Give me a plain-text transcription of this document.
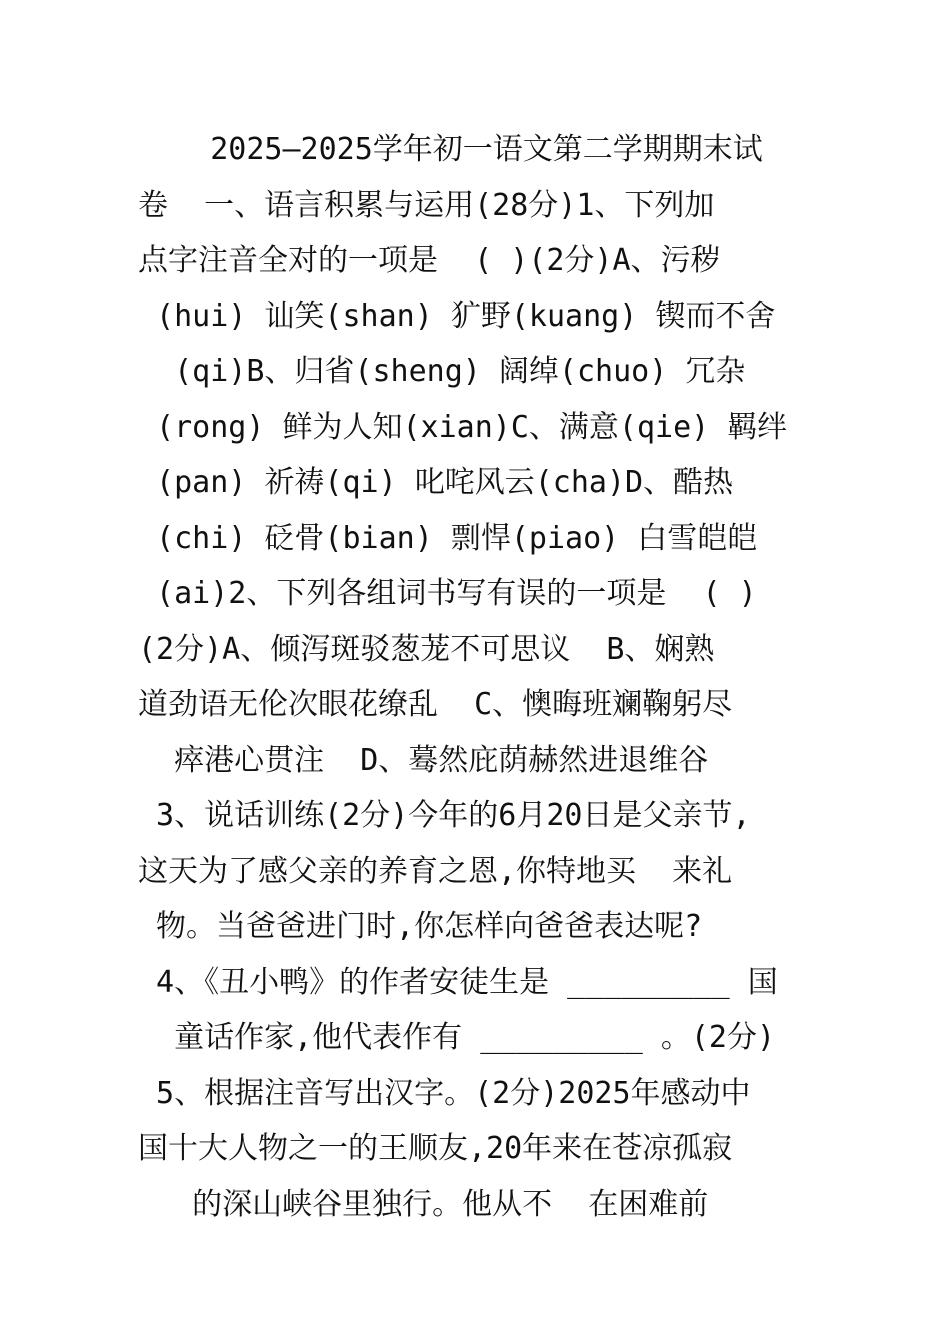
2025—2025学年初一语文第二学期期末试
卷  一、语言积累与运用(28分)1、下列加
点字注音全对的一项是  ( )(2分)A、污秽
(hui) 讪笑(shan) 犷野(kuang) 锲而不舍
(qi)B、归省(sheng) 阔绰(chuo) 冗杂
(rong) 鲜为人知(xian)C、满意(qie) 羁绊
(pan) 祈祷(qi) 叱咤风云(cha)D、酷热
(chi) 砭骨(bian) 剽悍(piao) 白雪皑皑
(ai)2、下列各组词书写有误的一项是  ( )
(2分)A、倾泻斑驳葱茏不可思议  B、娴熟
道劲语无伦次眼花缭乱  C、懊晦班斓鞠躬尽
瘁港心贯注  D、蓦然庇荫赫然进退维谷
3、说话训练(2分)今年的6月20日是父亲节,
这天为了感父亲的养育之恩,你特地买  来礼
物。当爸爸进门时,你怎样向爸爸表达呢?
4、《丑小鸭》的作者安徒生是 _________ 国
童话作家,他代表作有 _________ 。(2分)
5、根据注音写出汉字。(2分)2025年感动中
国十大人物之一的王顺友,20年来在苍凉孤寂
的深山峡谷里独行。他从不  在困难前
